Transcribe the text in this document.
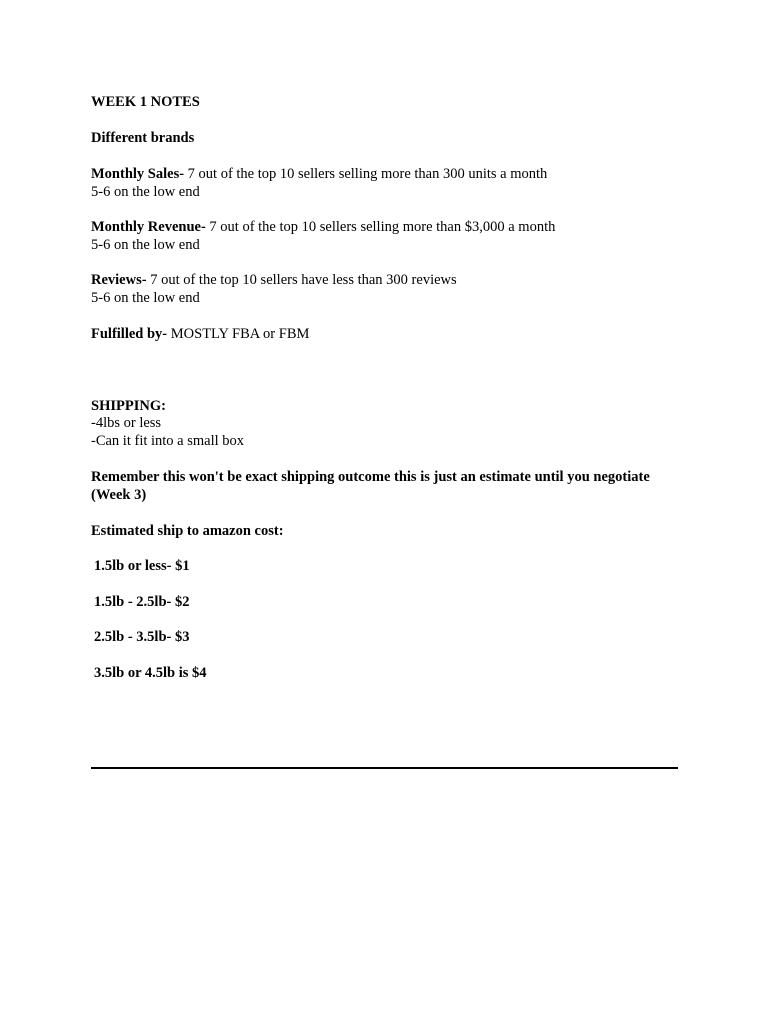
WEEK 1 NOTES
Different brands
Monthly Sales- 7 out of the top 10 sellers selling more than 300 units a month
5-6 on the low end
Monthly Revenue- 7 out of the top 10 sellers selling more than $3,000 a month
5-6 on the low end
Reviews- 7 out of the top 10 sellers have less than 300 reviews
5-6 on the low end
Fulfilled by- MOSTLY FBA or FBM
SHIPPING:
-4lbs or less
-Can it fit into a small box
Remember this won't be exact shipping outcome this is just an estimate until you negotiate
(Week 3)
Estimated ship to amazon cost:
1.5lb or less- $1
1.5lb - 2.5lb- $2
2.5lb - 3.5lb- $3
3.5lb or 4.5lb is $4
